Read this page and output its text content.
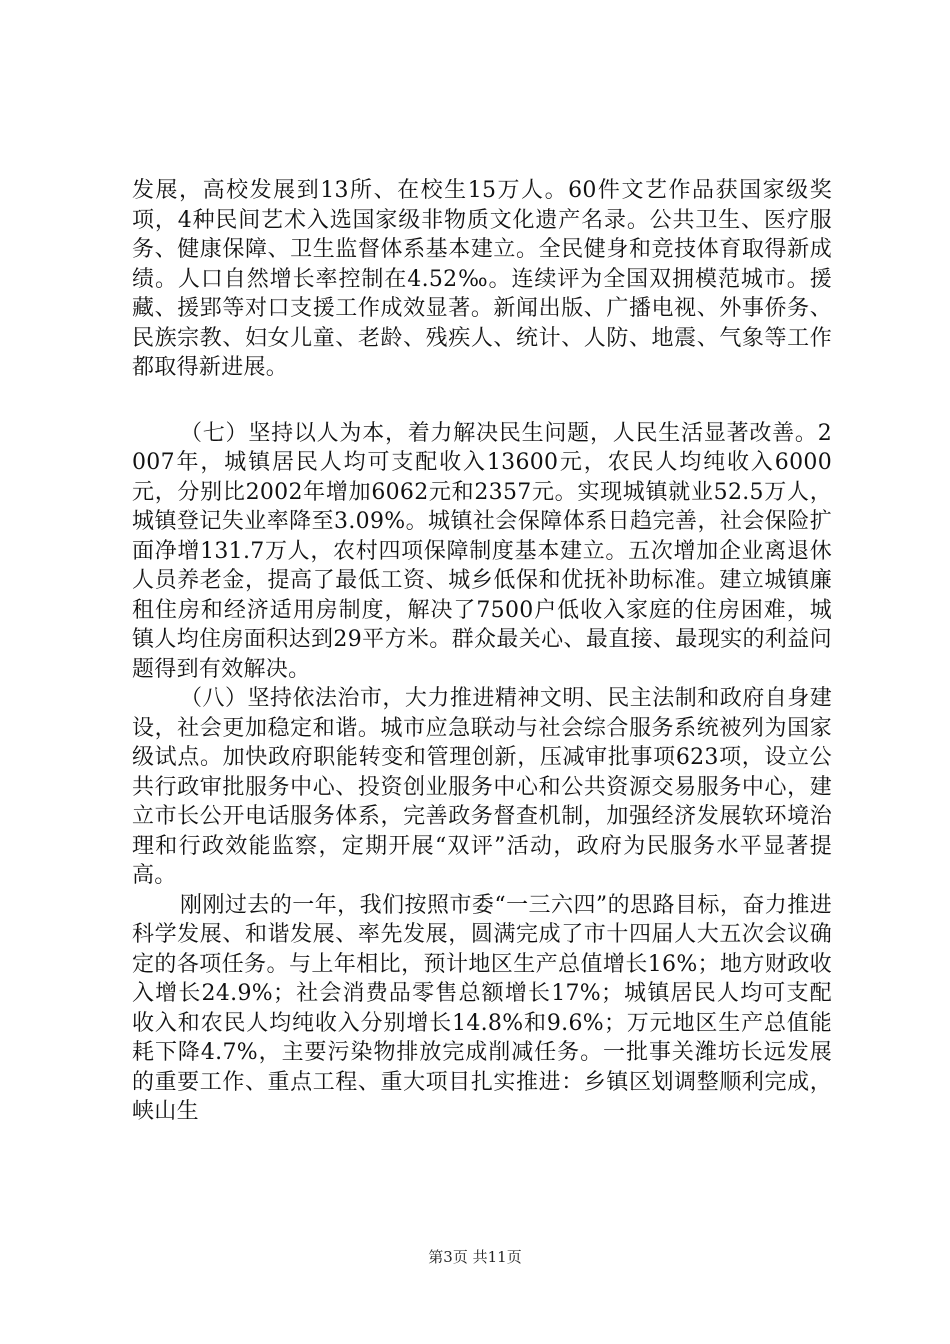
发展，高校发展到13所、在校生15万人。60件文艺作品获国家级奖项，4种民间艺术入选国家级非物质文化遗产名录。公共卫生、医疗服务、健康保障、卫生监督体系基本建立。全民健身和竞技体育取得新成绩。人口自然增长率控制在4.52‰。连续评为全国双拥模范城市。援藏、援郢等对口支援工作成效显著。新闻出版、广播电视、外事侨务、民族宗教、妇女儿童、老龄、残疾人、统计、人防、地震、气象等工作都取得新进展。

（七）坚持以人为本，着力解决民生问题，人民生活显著改善。2007年，城镇居民人均可支配收入13600元，农民人均纯收入6000元，分别比2002年增加6062元和2357元。实现城镇就业52.5万人，城镇登记失业率降至3.09%。城镇社会保障体系日趋完善，社会保险扩面净增131.7万人，农村四项保障制度基本建立。五次增加企业离退休人员养老金，提高了最低工资、城乡低保和优抚补助标准。建立城镇廉租住房和经济适用房制度，解决了7500户低收入家庭的住房困难，城镇人均住房面积达到29平方米。群众最关心、最直接、最现实的利益问题得到有效解决。

（八）坚持依法治市，大力推进精神文明、民主法制和政府自身建设，社会更加稳定和谐。城市应急联动与社会综合服务系统被列为国家级试点。加快政府职能转变和管理创新，压减审批事项623项，设立公共行政审批服务中心、投资创业服务中心和公共资源交易服务中心，建立市长公开电话服务体系，完善政务督查机制，加强经济发展软环境治理和行政效能监察，定期开展“双评”活动，政府为民服务水平显著提高。

刚刚过去的一年，我们按照市委“一三六四”的思路目标，奋力推进科学发展、和谐发展、率先发展，圆满完成了市十四届人大五次会议确定的各项任务。与上年相比，预计地区生产总值增长16%；地方财政收入增长24.9%；社会消费品零售总额增长17%；城镇居民人均可支配收入和农民人均纯收入分别增长14.8%和9.6%；万元地区生产总值能耗下降4.7%，主要污染物排放完成削减任务。一批事关潍坊长远发展的重要工作、重点工程、重大项目扎实推进：乡镇区划调整顺利完成，峡山生

第3页 共11页
